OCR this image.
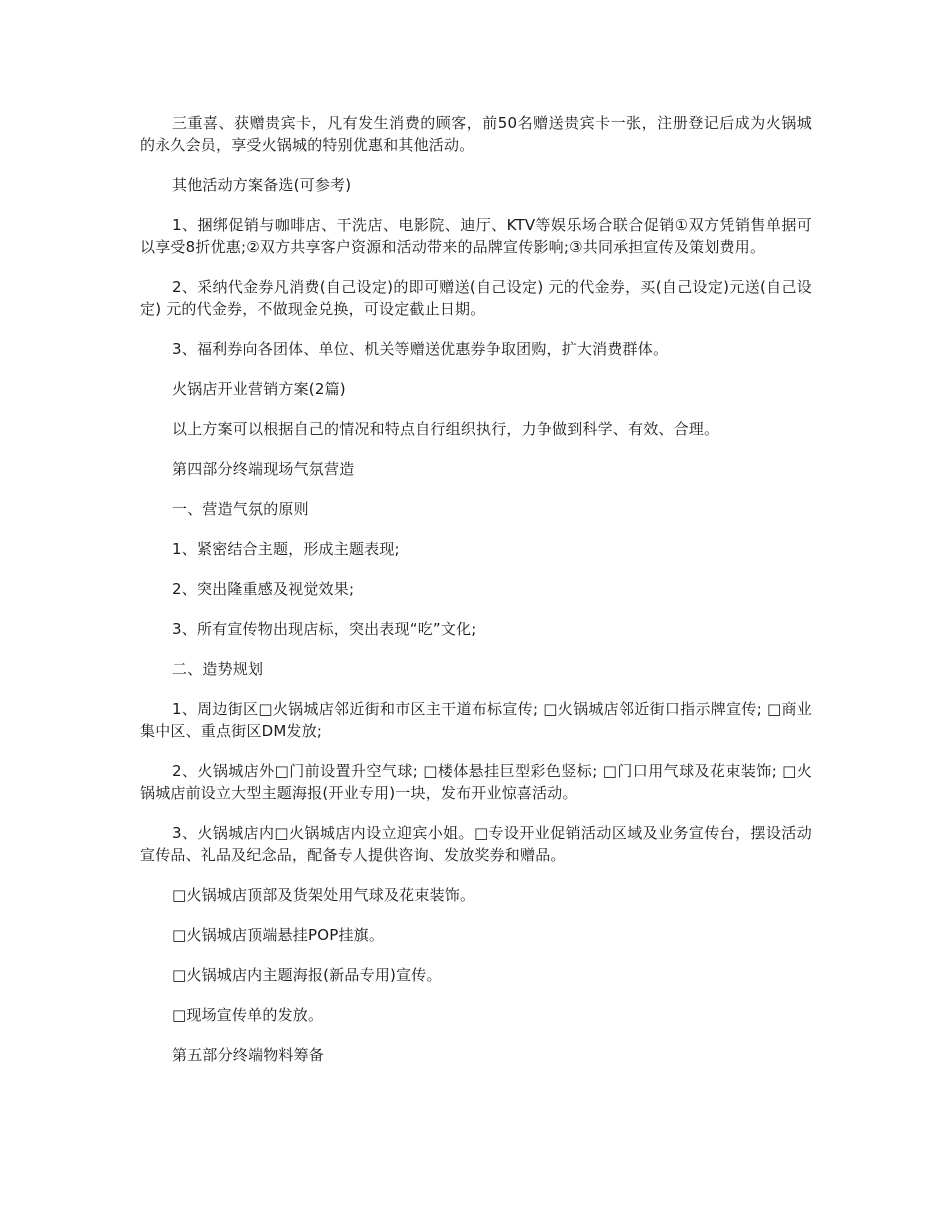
三重喜、获赠贵宾卡，凡有发生消费的顾客，前50名赠送贵宾卡一张，注册登记后成为火锅城的永久会员，享受火锅城的特别优惠和其他活动。

其他活动方案备选(可参考)

1、捆绑促销与咖啡店、干洗店、电影院、迪厅、KTV等娱乐场合联合促销①双方凭销售单据可以享受8折优惠;②双方共享客户资源和活动带来的品牌宣传影响;③共同承担宣传及策划费用。

2、采纳代金券凡消费(自己设定)的即可赠送(自己设定) 元的代金券，买(自己设定)元送(自己设定) 元的代金券，不做现金兑换，可设定截止日期。

3、福利券向各团体、单位、机关等赠送优惠券争取团购，扩大消费群体。

火锅店开业营销方案(2篇)

以上方案可以根据自己的情况和特点自行组织执行，力争做到科学、有效、合理。

第四部分终端现场气氛营造

一、营造气氛的原则

1、紧密结合主题，形成主题表现;

2、突出隆重感及视觉效果;

3、所有宣传物出现店标，突出表现“吃”文化;

二、造势规划

1、周边街区□火锅城店邻近街和市区主干道布标宣传; □火锅城店邻近街口指示牌宣传; □商业集中区、重点街区DM发放;

2、火锅城店外□门前设置升空气球; □楼体悬挂巨型彩色竖标; □门口用气球及花束装饰; □火锅城店前设立大型主题海报(开业专用)一块，发布开业惊喜活动。

3、火锅城店内□火锅城店内设立迎宾小姐。□专设开业促销活动区域及业务宣传台，摆设活动宣传品、礼品及纪念品，配备专人提供咨询、发放奖券和赠品。

□火锅城店顶部及货架处用气球及花束装饰。

□火锅城店顶端悬挂POP挂旗。

□火锅城店内主题海报(新品专用)宣传。

□现场宣传单的发放。

第五部分终端物料筹备
